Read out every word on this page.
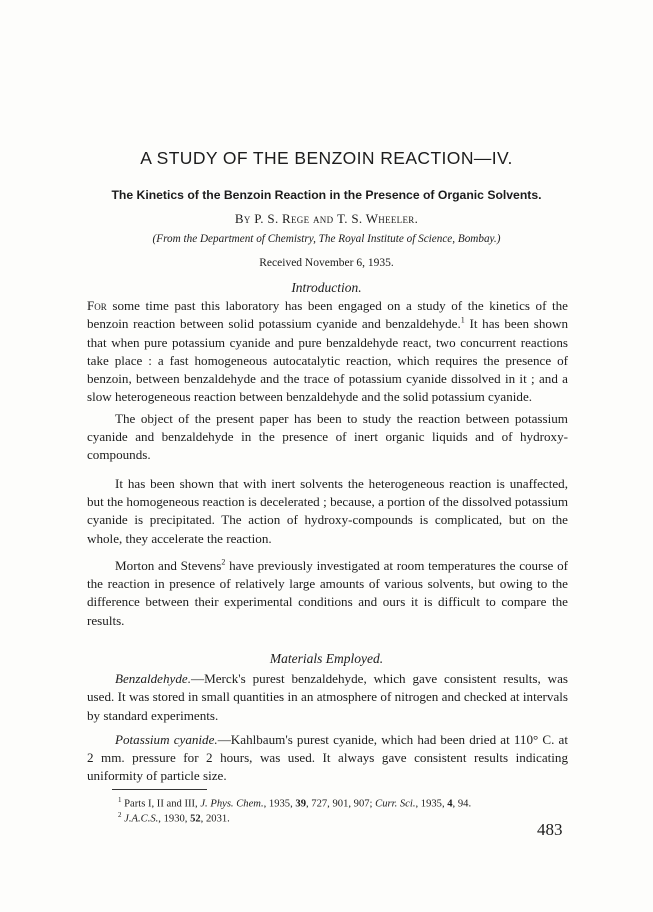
A STUDY OF THE BENZOIN REACTION—IV.
The Kinetics of the Benzoin Reaction in the Presence of Organic Solvents.
By P. S. Rege and T. S. Wheeler.
(From the Department of Chemistry, The Royal Institute of Science, Bombay.)
Received November 6, 1935.
Introduction.

For some time past this laboratory has been engaged on a study of the kinetics of the benzoin reaction between solid potassium cyanide and benzaldehyde.$^1$ It has been shown that when pure potassium cyanide and pure benzaldehyde react, two concurrent reactions take place : a fast homogeneous autocatalytic reaction, which requires the presence of benzoin, between benzaldehyde and the trace of potassium cyanide dissolved in it ; and a slow heterogeneous reaction between benzaldehyde and the solid potassium cyanide.

The object of the present paper has been to study the reaction between potassium cyanide and benzaldehyde in the presence of inert organic liquids and of hydroxy-compounds.

It has been shown that with inert solvents the heterogeneous reaction is unaffected, but the homogeneous reaction is decelerated ; because, a portion of the dissolved potassium cyanide is precipitated. The action of hydroxy-compounds is complicated, but on the whole, they accelerate the reaction.

Morton and Stevens$^2$ have previously investigated at room temperatures the course of the reaction in presence of relatively large amounts of various solvents, but owing to the difference between their experimental conditions and ours it is difficult to compare the results.

Materials Employed.

Benzaldehyde.—Merck's purest benzaldehyde, which gave consistent results, was used. It was stored in small quantities in an atmosphere of nitrogen and checked at intervals by standard experiments.

Potassium cyanide.—Kahlbaum's purest cyanide, which had been dried at 110° C. at 2 mm. pressure for 2 hours, was used. It always gave consistent results indicating uniformity of particle size.

$^1$ Parts I, II and III, J. Phys. Chem., 1935, 39, 727, 901, 907; Curr. Sci., 1935, 4, 94.
$^2$ J.A.C.S., 1930, 52, 2031.
483
